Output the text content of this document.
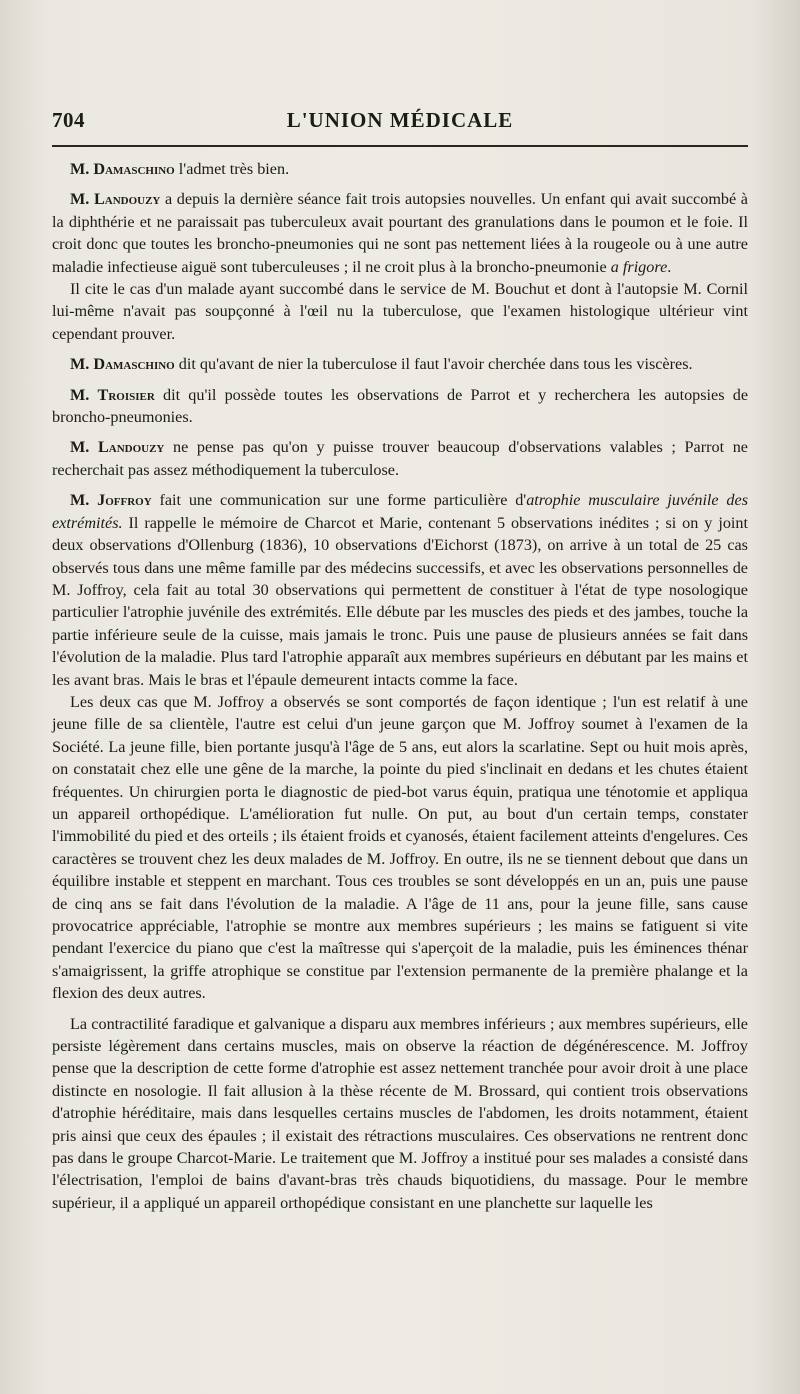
704	L'UNION MÉDICALE

M. Damaschino l'admet très bien.

M. Landouzy a depuis la dernière séance fait trois autopsies nouvelles. Un enfant qui avait succombé à la diphthérie et ne paraissait pas tuberculeux avait pourtant des granulations dans le poumon et le foie. Il croit donc que toutes les broncho-pneumonies qui ne sont pas nettement liées à la rougeole ou à une autre maladie infectieuse aiguë sont tuberculeuses ; il ne croit plus à la broncho-pneumonie a frigore.

Il cite le cas d'un malade ayant succombé dans le service de M. Bouchut et dont à l'autopsie M. Cornil lui-même n'avait pas soupçonné à l'œil nu la tuberculose, que l'examen histologique ultérieur vint cependant prouver.

M. Damaschino dit qu'avant de nier la tuberculose il faut l'avoir cherchée dans tous les viscères.

M. Troisier dit qu'il possède toutes les observations de Parrot et y recherchera les autopsies de broncho-pneumonies.

M. Landouzy ne pense pas qu'on y puisse trouver beaucoup d'observations valables ; Parrot ne recherchait pas assez méthodiquement la tuberculose.

M. Joffroy fait une communication sur une forme particulière d'atrophie musculaire juvénile des extrémités. Il rappelle le mémoire de Charcot et Marie, contenant 5 observations inédites ; si on y joint deux observations d'Ollenburg (1836), 10 observations d'Eichorst (1873), on arrive à un total de 25 cas observés tous dans une même famille par des médecins successifs, et avec les observations personnelles de M. Joffroy, cela fait au total 30 observations qui permettent de constituer à l'état de type nosologique particulier l'atrophie juvénile des extrémités. Elle débute par les muscles des pieds et des jambes, touche la partie inférieure seule de la cuisse, mais jamais le tronc. Puis une pause de plusieurs années se fait dans l'évolution de la maladie. Plus tard l'atrophie apparaît aux membres supérieurs en débutant par les mains et les avant bras. Mais le bras et l'épaule demeurent intacts comme la face.

Les deux cas que M. Joffroy a observés se sont comportés de façon identique ; l'un est relatif à une jeune fille de sa clientèle, l'autre est celui d'un jeune garçon que M. Joffroy soumet à l'examen de la Société. La jeune fille, bien portante jusqu'à l'âge de 5 ans, eut alors la scarlatine. Sept ou huit mois après, on constatait chez elle une gêne de la marche, la pointe du pied s'inclinait en dedans et les chutes étaient fréquentes. Un chirurgien porta le diagnostic de pied-bot varus équin, pratiqua une ténotomie et appliqua un appareil orthopédique. L'amélioration fut nulle. On put, au bout d'un certain temps, constater l'immobilité du pied et des orteils ; ils étaient froids et cyanosés, étaient facilement atteints d'engelures. Ces caractères se trouvent chez les deux malades de M. Joffroy. En outre, ils ne se tiennent debout que dans un équilibre instable et steppent en marchant. Tous ces troubles se sont développés en un an, puis une pause de cinq ans se fait dans l'évolution de la maladie. A l'âge de 11 ans, pour la jeune fille, sans cause provocatrice appréciable, l'atrophie se montre aux membres supérieurs ; les mains se fatiguent si vite pendant l'exercice du piano que c'est la maîtresse qui s'aperçoit de la maladie, puis les éminences thénar s'amaigrissent, la griffe atrophique se constitue par l'extension permanente de la première phalange et la flexion des deux autres.

La contractilité faradique et galvanique a disparu aux membres inférieurs ; aux membres supérieurs, elle persiste légèrement dans certains muscles, mais on observe la réaction de dégénérescence. M. Joffroy pense que la description de cette forme d'atrophie est assez nettement tranchée pour avoir droit à une place distincte en nosologie. Il fait allusion à la thèse récente de M. Brossard, qui contient trois observations d'atrophie héréditaire, mais dans lesquelles certains muscles de l'abdomen, les droits notamment, étaient pris ainsi que ceux des épaules ; il existait des rétractions musculaires. Ces observations ne rentrent donc pas dans le groupe Charcot-Marie. Le traitement que M. Joffroy a institué pour ses malades a consisté dans l'électrisation, l'emploi de bains d'avant-bras très chauds biquotidiens, du massage. Pour le membre supérieur, il a appliqué un appareil orthopédique consistant en une planchette sur laquelle les
